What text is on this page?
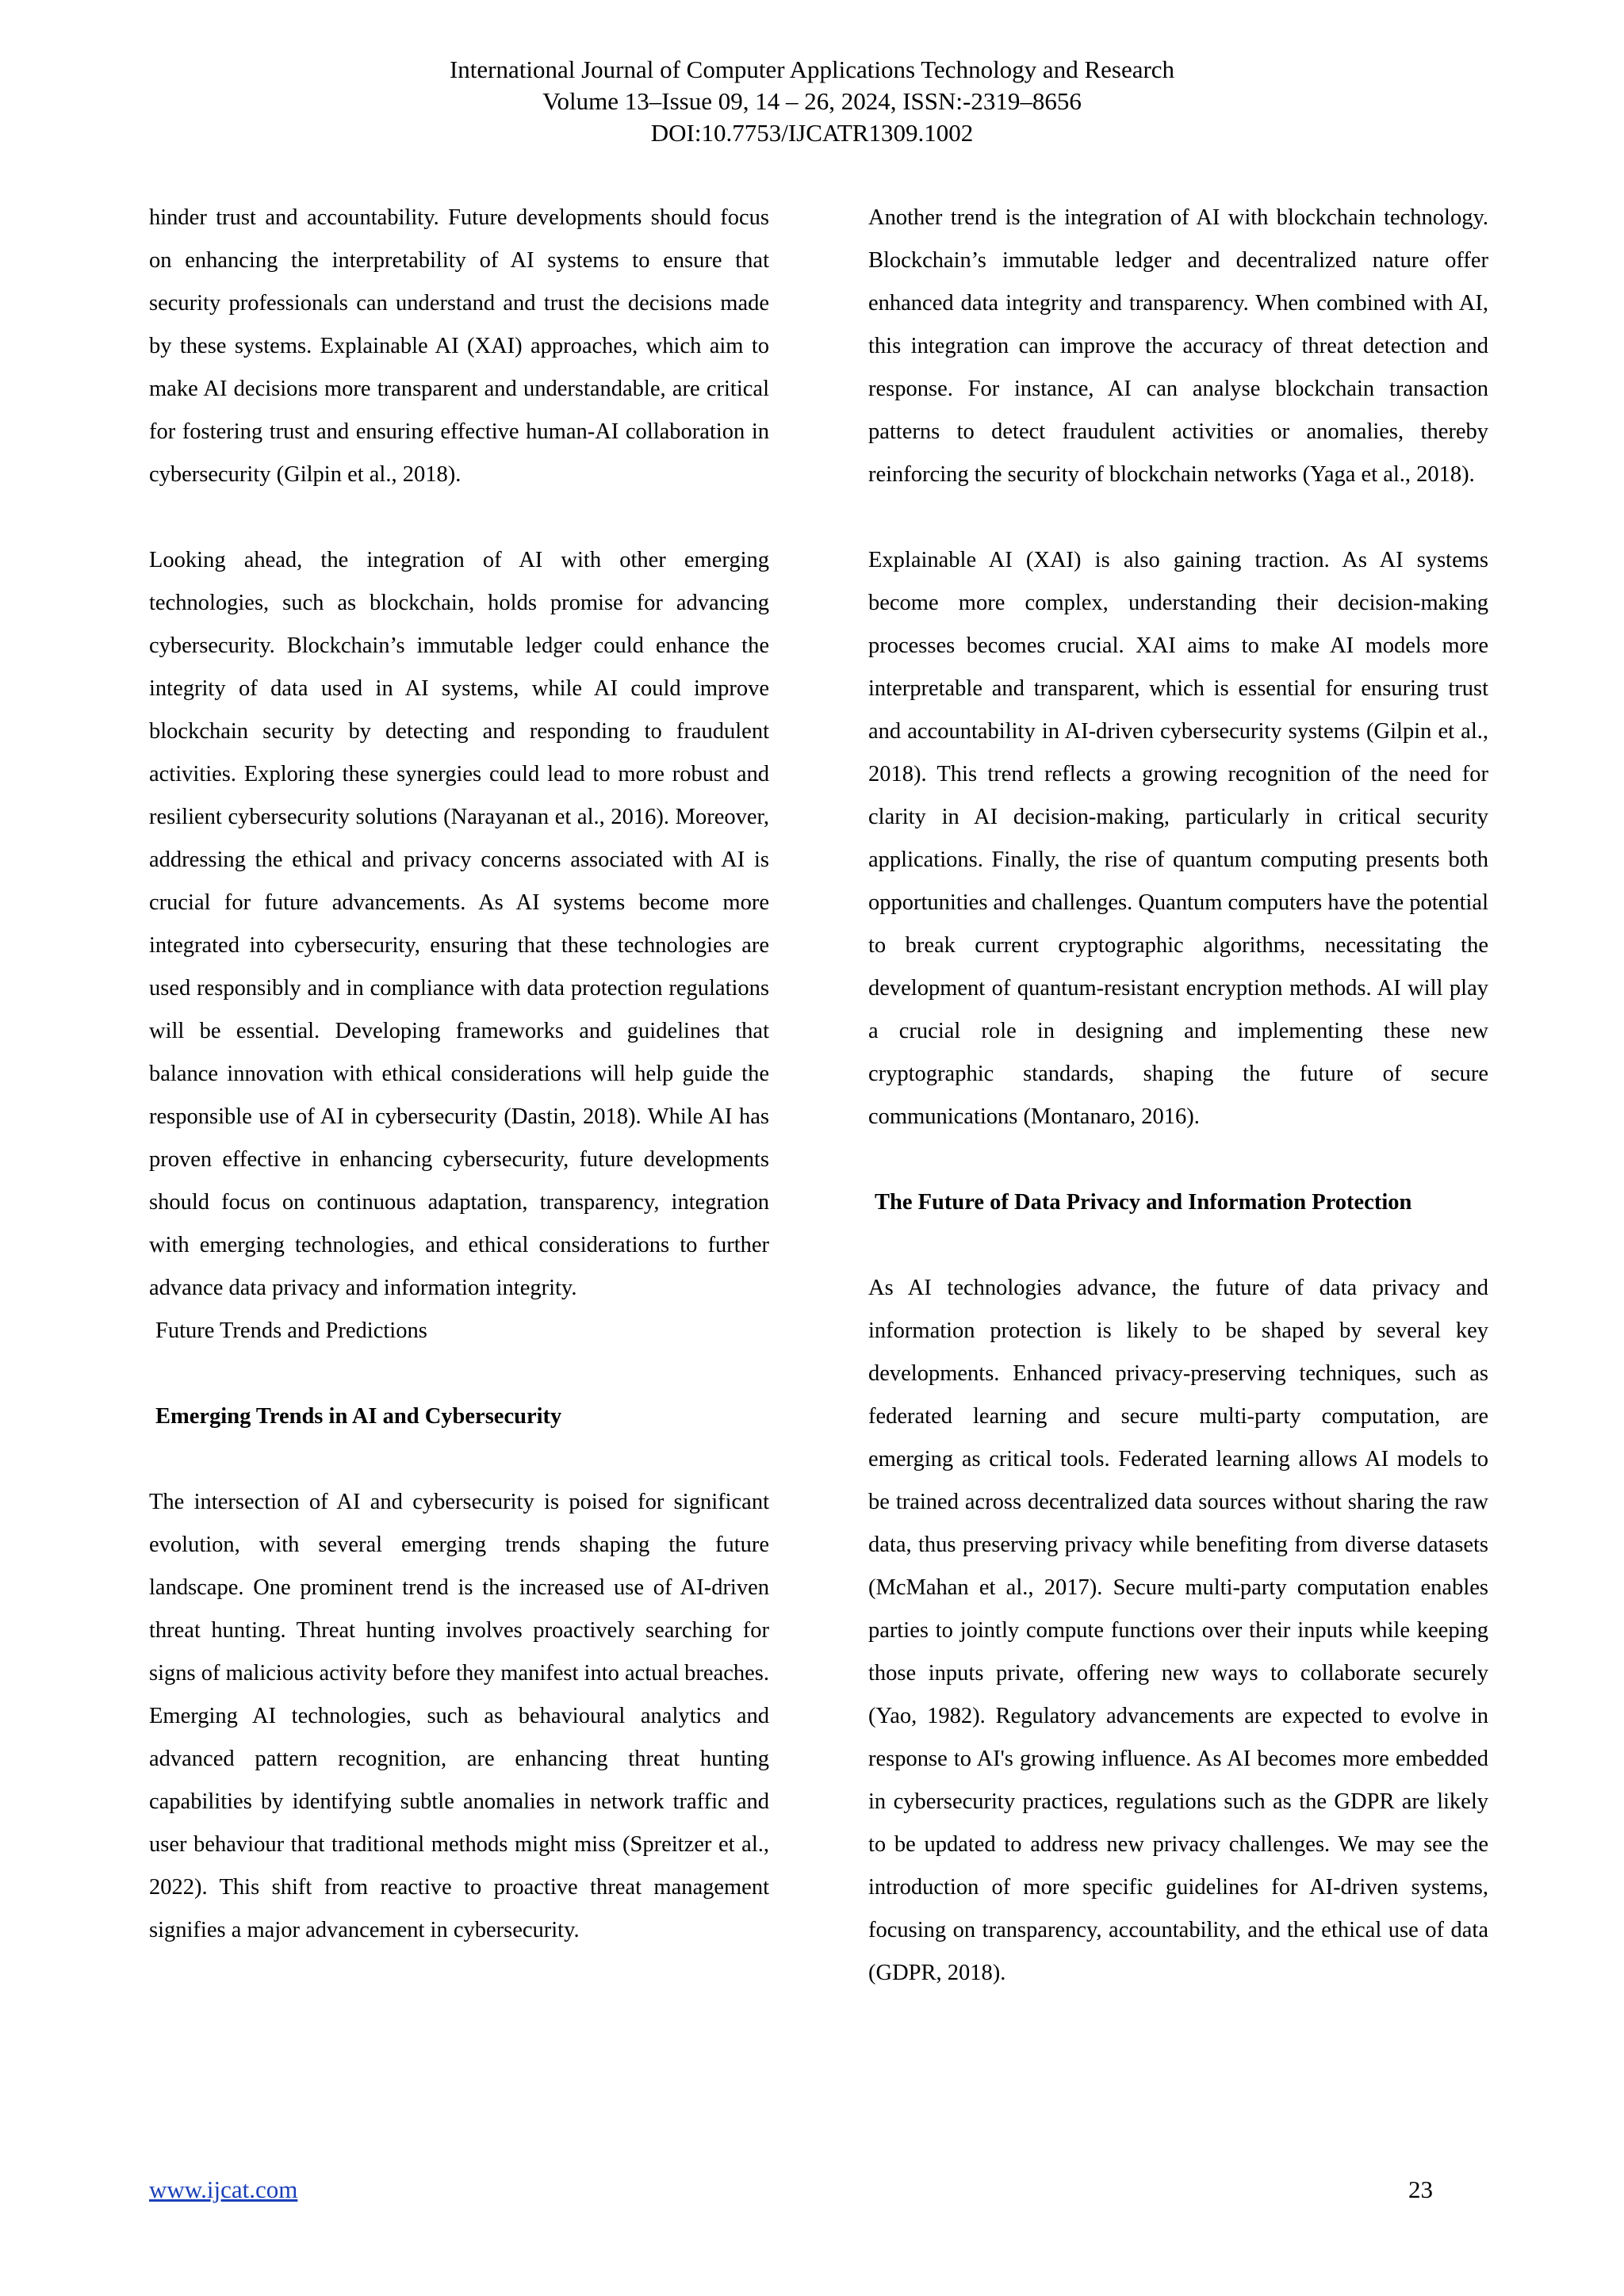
International Journal of Computer Applications Technology and Research
Volume 13–Issue 09, 14 – 26, 2024, ISSN:-2319–8656
DOI:10.7753/IJCATR1309.1002

hinder trust and accountability. Future developments should focus on enhancing the interpretability of AI systems to ensure that security professionals can understand and trust the decisions made by these systems. Explainable AI (XAI) approaches, which aim to make AI decisions more transparent and understandable, are critical for fostering trust and ensuring effective human-AI collaboration in cybersecurity (Gilpin et al., 2018).

Looking ahead, the integration of AI with other emerging technologies, such as blockchain, holds promise for advancing cybersecurity. Blockchain’s immutable ledger could enhance the integrity of data used in AI systems, while AI could improve blockchain security by detecting and responding to fraudulent activities. Exploring these synergies could lead to more robust and resilient cybersecurity solutions (Narayanan et al., 2016). Moreover, addressing the ethical and privacy concerns associated with AI is crucial for future advancements. As AI systems become more integrated into cybersecurity, ensuring that these technologies are used responsibly and in compliance with data protection regulations will be essential. Developing frameworks and guidelines that balance innovation with ethical considerations will help guide the responsible use of AI in cybersecurity (Dastin, 2018). While AI has proven effective in enhancing cybersecurity, future developments should focus on continuous adaptation, transparency, integration with emerging technologies, and ethical considerations to further advance data privacy and information integrity.

Future Trends and Predictions

Emerging Trends in AI and Cybersecurity

The intersection of AI and cybersecurity is poised for significant evolution, with several emerging trends shaping the future landscape. One prominent trend is the increased use of AI-driven threat hunting. Threat hunting involves proactively searching for signs of malicious activity before they manifest into actual breaches. Emerging AI technologies, such as behavioural analytics and advanced pattern recognition, are enhancing threat hunting capabilities by identifying subtle anomalies in network traffic and user behaviour that traditional methods might miss (Spreitzer et al., 2022). This shift from reactive to proactive threat management signifies a major advancement in cybersecurity.

Another trend is the integration of AI with blockchain technology. Blockchain’s immutable ledger and decentralized nature offer enhanced data integrity and transparency. When combined with AI, this integration can improve the accuracy of threat detection and response. For instance, AI can analyse blockchain transaction patterns to detect fraudulent activities or anomalies, thereby reinforcing the security of blockchain networks (Yaga et al., 2018).

Explainable AI (XAI) is also gaining traction. As AI systems become more complex, understanding their decision-making processes becomes crucial. XAI aims to make AI models more interpretable and transparent, which is essential for ensuring trust and accountability in AI-driven cybersecurity systems (Gilpin et al., 2018). This trend reflects a growing recognition of the need for clarity in AI decision-making, particularly in critical security applications. Finally, the rise of quantum computing presents both opportunities and challenges. Quantum computers have the potential to break current cryptographic algorithms, necessitating the development of quantum-resistant encryption methods. AI will play a crucial role in designing and implementing these new cryptographic standards, shaping the future of secure communications (Montanaro, 2016).

The Future of Data Privacy and Information Protection

As AI technologies advance, the future of data privacy and information protection is likely to be shaped by several key developments. Enhanced privacy-preserving techniques, such as federated learning and secure multi-party computation, are emerging as critical tools. Federated learning allows AI models to be trained across decentralized data sources without sharing the raw data, thus preserving privacy while benefiting from diverse datasets (McMahan et al., 2017). Secure multi-party computation enables parties to jointly compute functions over their inputs while keeping those inputs private, offering new ways to collaborate securely (Yao, 1982). Regulatory advancements are expected to evolve in response to AI's growing influence. As AI becomes more embedded in cybersecurity practices, regulations such as the GDPR are likely to be updated to address new privacy challenges. We may see the introduction of more specific guidelines for AI-driven systems, focusing on transparency, accountability, and the ethical use of data (GDPR, 2018).

www.ijcat.com	23
